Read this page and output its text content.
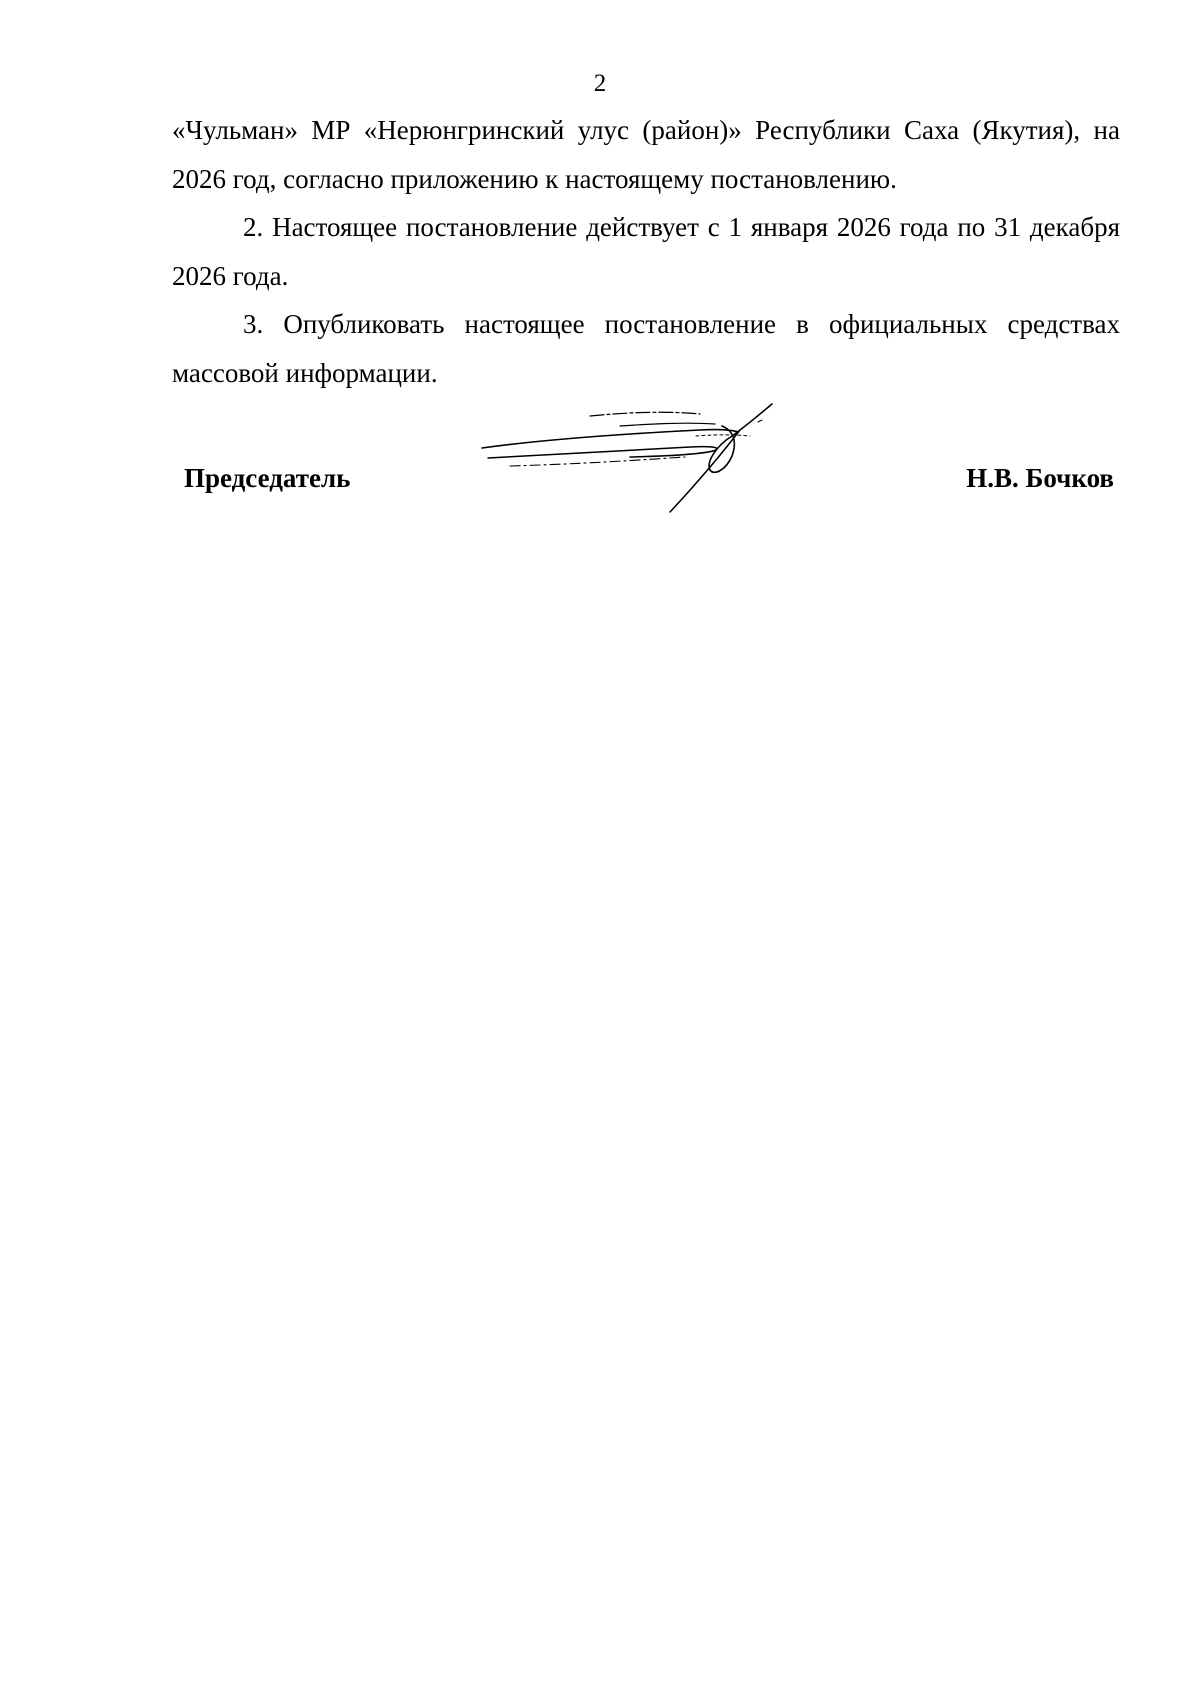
2

«Чульман» МР «Нерюнгринский улус (район)» Республики Саха (Якутия), на 2026 год, согласно приложению к настоящему постановлению.

2. Настоящее постановление действует с 1 января 2026 года по 31 декабря 2026 года.

3. Опубликовать настоящее постановление в официальных средствах массовой информации.

Председатель	Н.В. Бочков
